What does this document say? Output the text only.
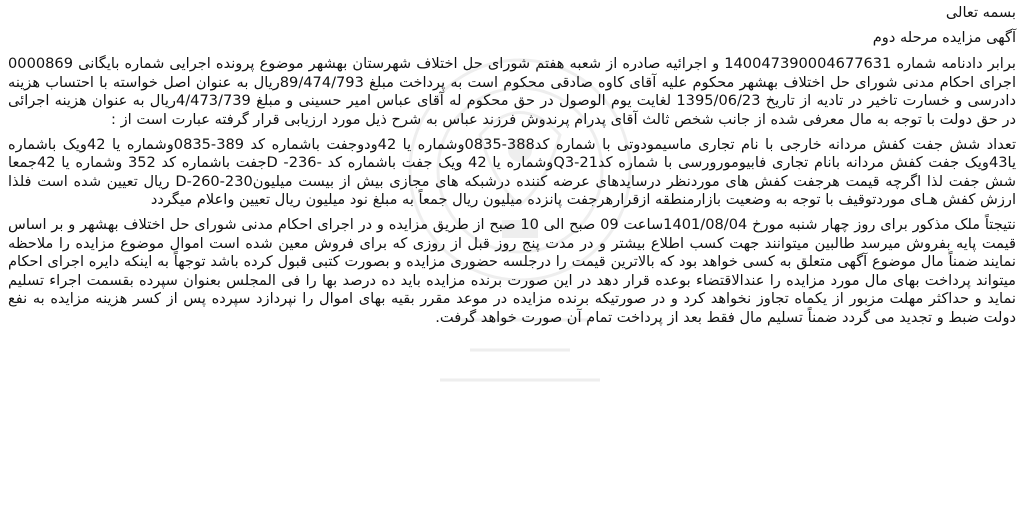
بسمه تعالی
آگهی مزایده مرحله دوم

برابر دادنامه شماره 140047390004677631 و اجرائیه صادره از شعبه هفتم شورای حل اختلاف شهرستان بهشهر موضوع پرونده اجرایی شماره بایگانی 0000869 اجرای احکام مدنی شورای حل اختلاف بهشهر محکوم علیه آقای کاوه صادقی محکوم است به پرداخت مبلغ 89/474/793ریال به عنوان اصل خواسته با احتساب هزینه دادرسی و خسارت تاخیر در تادیه از تاریخ 1395/06/23 لغایت یوم الوصول در حق محکوم له آقای عباس امیر حسینی و مبلغ 4/473/739ریال به عنوان هزینه اجرائی در حق دولت با توجه به مال معرفی شده از جانب شخص ثالث آقای پدرام پرندوش فرزند عباس به شرح ذیل مورد ارزیابی قرار گرفته عبارت است از :

تعداد شش جفت کفش مردانه خارجی با نام تجاری ماسیمودوتی با شماره کد388-0835وشماره یا 42ودوجفت باشماره کد 389-0835وشماره یا 42ویک باشماره یا43ویک جفت کفش مردانه بانام تجاری فابیومورورسی با شماره کدQ3-21وشماره یا 42 ویک جفت باشماره کد -236- Dجفت باشماره کد 352 وشماره یا 42جمعا شش جفت لذا اگرچه قیمت هرجفت کفش های موردنظر درسایدهای عرضه کننده درشبکه های مجازی بیش از بیست میلیونD-260-230 ریال تعیین شده است فلذا ارزش کفش هـای موردتوقیف با توجه به وضعیت بازارمنطقه ازقرارهرجفت پانزده میلیون ریال جمعاً به مبلغ نود میلیون ریال تعیین واعلام میگردد

نتیجتاً ملک مذکور برای روز چهار شنبه مورخ 1401/08/04ساعت 09 صبح الی 10 صبح از طریق مزایده و در اجرای احکام مدنی شورای حل اختلاف بهشهر و بر اساس قیمت پایه بفروش میرسد طالبین میتوانند جهت کسب اطلاع بیشتر و در مدت پنج روز قبل از روزی که برای فروش معین شده است اموال موضوع مزایده را ملاحظه نمایند ضمناً مال موضوع آگهی متعلق به کسی خواهد بود که بالاترین قیمت را درجلسه حضوری مزایده و بصورت کتبی قبول کرده باشد توجهاً به اینکه دایره اجرای احکام میتواند پرداخت بهای مال مورد مزایده را عندالاقتضاء بوعده قرار دهد در این صورت برنده مزایده باید ده درصد بها را فی المجلس بعنوان سپرده بقسمت اجراء تسلیم نماید و حداکثر مهلت مزبور از یکماه تجاوز نخواهد کرد و در صورتیکه برنده مزایده در موعد مقرر بقیه بهای اموال را نپردازد سپرده پس از کسر هزینه مزایده به نفع دولت ضبط و تجدید می گردد ضمناً تسلیم مال فقط بعد از پرداخت تمام آن صورت خواهد گرفت.
